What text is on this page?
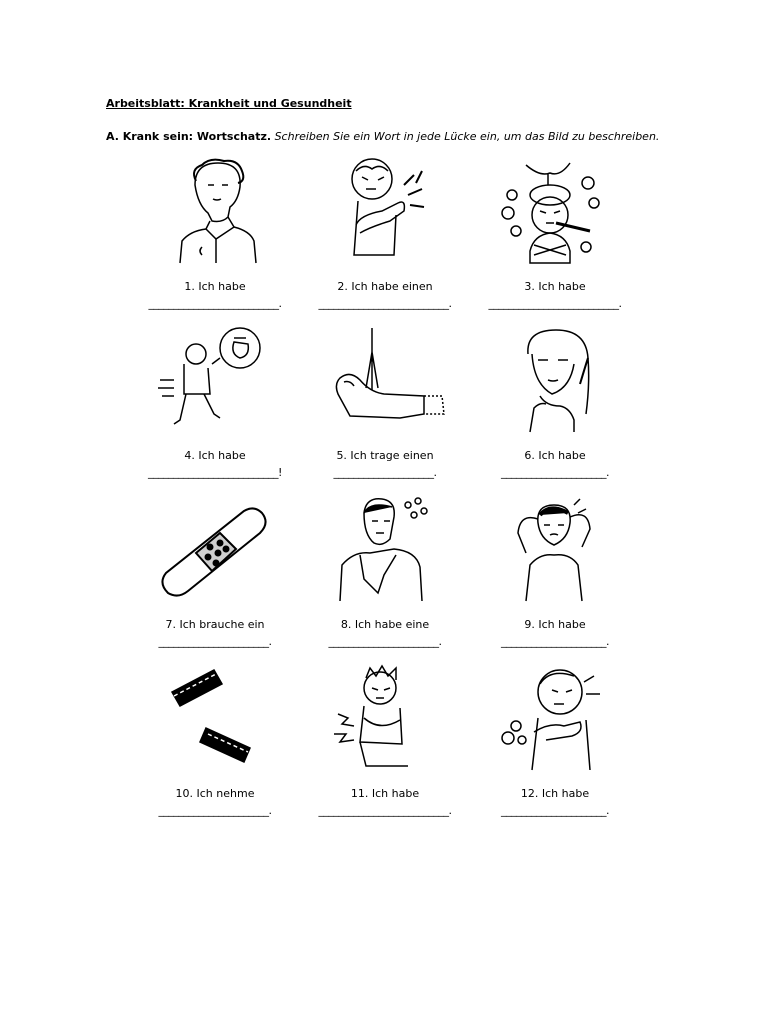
Arbeitsblatt: Krankheit und Gesundheit
A. Krank sein: Wortschatz. Schreiben Sie ein Wort in jede Lücke ein, um das Bild zu beschreiben.
1. Ich habe
__________________________.
2. Ich habe einen
__________________________.
3. Ich habe
__________________________.
4. Ich habe
__________________________!
5. Ich trage einen
____________________.
6. Ich habe
_____________________.
7. Ich brauche ein
______________________.
8. Ich habe eine
______________________.
9. Ich habe
_____________________.
10. Ich nehme
______________________.
11. Ich habe
__________________________.
12. Ich habe
_____________________.
